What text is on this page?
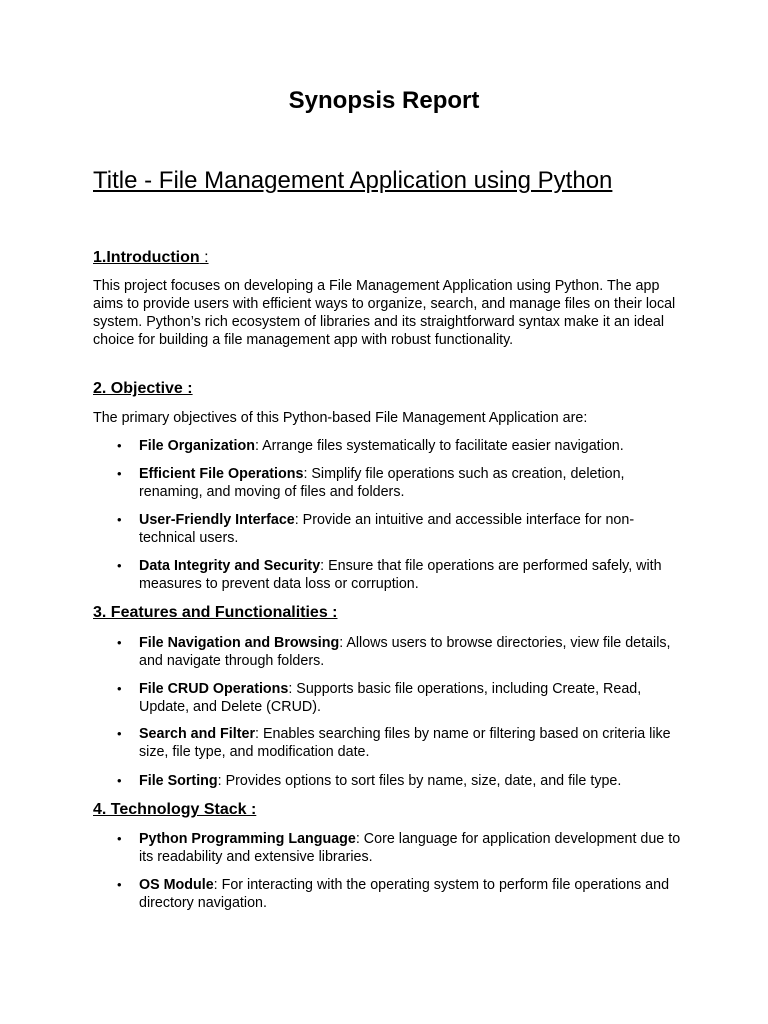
Synopsis Report
Title - File Management Application using Python
1.Introduction :
This project focuses on developing a File Management Application using Python. The app aims to provide users with efficient ways to organize, search, and manage files on their local system. Python’s rich ecosystem of libraries and its straightforward syntax make it an ideal choice for building a file management app with robust functionality.
2. Objective :
The primary objectives of this Python-based File Management Application are:
• File Organization: Arrange files systematically to facilitate easier navigation.
• Efficient File Operations: Simplify file operations such as creation, deletion, renaming, and moving of files and folders.
• User-Friendly Interface: Provide an intuitive and accessible interface for non-technical users.
• Data Integrity and Security: Ensure that file operations are performed safely, with measures to prevent data loss or corruption.
3. Features and Functionalities :
• File Navigation and Browsing: Allows users to browse directories, view file details, and navigate through folders.
• File CRUD Operations: Supports basic file operations, including Create, Read, Update, and Delete (CRUD).
• Search and Filter: Enables searching files by name or filtering based on criteria like size, file type, and modification date.
• File Sorting: Provides options to sort files by name, size, date, and file type.
4. Technology Stack :
• Python Programming Language: Core language for application development due to its readability and extensive libraries.
• OS Module: For interacting with the operating system to perform file operations and directory navigation.
